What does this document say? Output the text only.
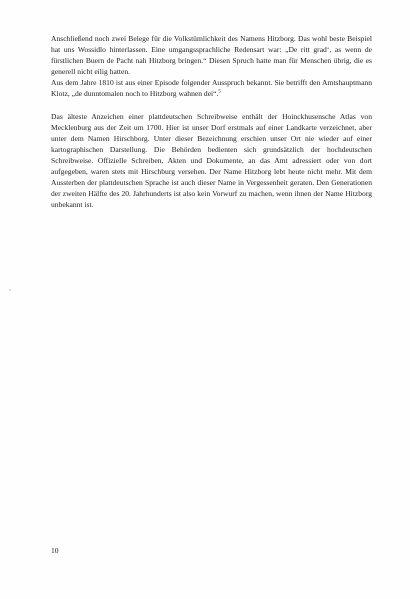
Anschließend noch zwei Belege für die Volkstümlichkeit des Namens Hitzborg. Das wohl beste Beispiel hat uns Wossidlo hinterlassen. Eine umgangssprachliche Redensart war: „De ritt grad‘, as wenn de fürstlichen Buern de Pacht nah Hitzborg bringen.“ Diesen Spruch hatte man für Menschen übrig, die es generell nicht eilig hatten.

Aus dem Jahre 1810 ist aus einer Episode folgender Ausspruch bekannt. Sie betrifft den Amtshauptmann Klotz, „de dunntomalen noch to Hitzborg wahnen dei“.$^5$

Das älteste Anzeichen einer plattdeutschen Schreibweise enthält der Hoinckhusensche Atlas von Mecklenburg aus der Zeit um 1700. Hier ist unser Dorf erstmals auf einer Landkarte verzeichnet, aber unter dem Namen Hirschborg. Unter dieser Bezeichnung erschien unser Ort nie wieder auf einer kartographischen Darstellung. Die Behörden bedienten sich grundsätzlich der hochdeutschen Schreibweise. Offizielle Schreiben, Akten und Dokumente, an das Amt adressiert oder von dort aufgegeben, waren stets mit Hirschburg versehen. Der Name Hitzborg lebt heute nicht mehr. Mit dem Aussterben der plattdeutschen Sprache ist auch dieser Name in Vergessenheit geraten. Den Generationen der zweiten Hälfte des 20. Jahrhunderts ist also kein Vorwurf zu machen, wenn ihnen der Name Hitzborg unbekannt ist.

10
